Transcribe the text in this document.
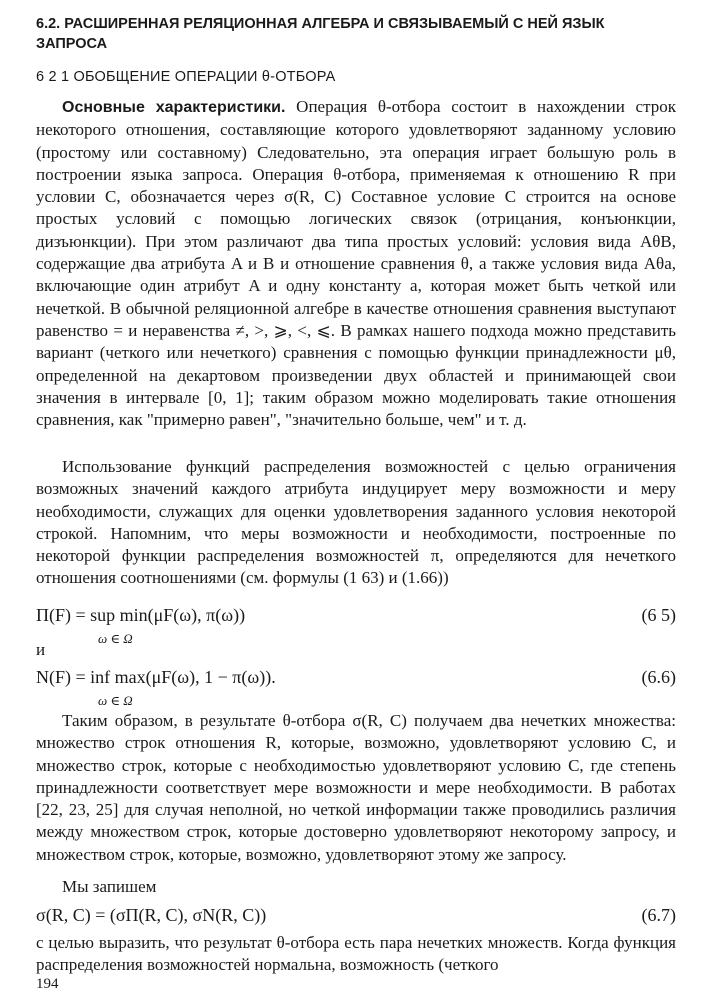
6.2. РАСШИРЕННАЯ РЕЛЯЦИОННАЯ АЛГЕБРА И СВЯЗЫВАЕМЫЙ С НЕЙ ЯЗЫК ЗАПРОСА
6 2 1 ОБОБЩЕНИЕ ОПЕРАЦИИ θ-ОТБОРА
Основные характеристики. Операция θ-отбора состоит в нахождении строк некоторого отношения, составляющие которого удовлетворяют заданному условию (простому или составному) Следовательно, эта операция играет большую роль в построении языка запроса. Операция θ-отбора, применяемая к отношению R при условии C, обозначается через σ(R, C) Составное условие C строится на основе простых условий с помощью логических связок (отрицания, конъюнкции, дизъюнкции). При этом различают два типа простых условий: условия вида AθB, содержащие два атрибута A и B и отношение сравнения θ, а также условия вида Aθa, включающие один атрибут A и одну константу a, которая может быть четкой или нечеткой. В обычной реляционной алгебре в качестве отношения сравнения выступают равенство = и неравенства ≠, >, ⩾, <, ⩽. В рамках нашего подхода можно представить вариант (четкого или нечеткого) сравнения с помощью функции принадлежности μθ, определенной на декартовом произведении двух областей и принимающей свои значения в интервале [0, 1]; таким образом можно моделировать такие отношения сравнения, как "примерно равен", "значительно больше, чем" и т. д.
Использование функций распределения возможностей с целью ограничения возможных значений каждого атрибута индуцирует меру возможности и меру необходимости, служащих для оценки удовлетворения заданного условия некоторой строкой. Напомним, что меры возможности и необходимости, построенные по некоторой функции распределения возможностей π, определяются для нечеткого отношения соотношениями (см. формулы (1 63) и (1.66))
Π(F) = sup min(μF(ω), π(ω))
ω ∈ Ω
(6 5)
и
N(F) = inf max(μF(ω), 1 − π(ω)).
ω ∈ Ω
(6.6)
Таким образом, в результате θ-отбора σ(R, C) получаем два нечетких множества: множество строк отношения R, которые, возможно, удовлетворяют условию C, и множество строк, которые с необходимостью удовлетворяют условию C, где степень принадлежности соответствует мере возможности и мере необходимости. В работах [22, 23, 25] для случая неполной, но четкой информации также проводились различия между множеством строк, которые достоверно удовлетворяют некоторому запросу, и множеством строк, которые, возможно, удовлетворяют этому же запросу.
Мы запишем
σ(R, C) = (σΠ(R, C), σN(R, C))	(6.7)
с целью выразить, что результат θ-отбора есть пара нечетких множеств. Когда функция распределения возможностей нормальна, возможность (четкого
194
